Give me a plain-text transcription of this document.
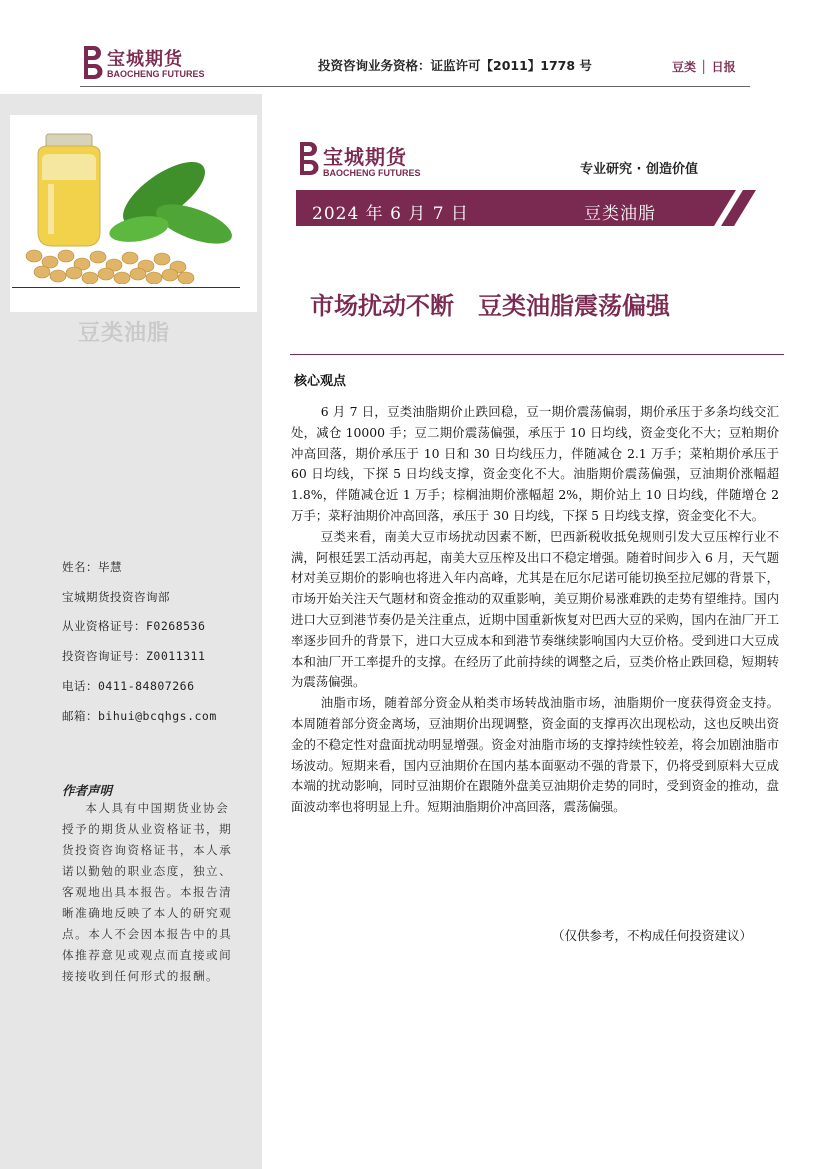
宝城期货
BAOCHENG FUTURES
投资咨询业务资格：证监许可【2011】1778 号	豆类 │ 日报
豆类油脂
姓名：毕慧
宝城期货投资咨询部
从业资格证号：F0268536
投资咨询证号：Z0011311
电话：0411-84807266
邮箱：bihui@bcqhgs.com
作者声明
本人具有中国期货业协会授予的期货从业资格证书，期货投资咨询资格证书，本人承诺以勤勉的职业态度，独立、客观地出具本报告。本报告清晰准确地反映了本人的研究观点。本人不会因本报告中的具体推荐意见或观点而直接或间接接收到任何形式的报酬。
宝城期货
BAOCHENG FUTURES	专业研究 · 创造价值
2024 年 6 月 7 日	豆类油脂
市场扰动不断　豆类油脂震荡偏强
核心观点

6 月 7 日，豆类油脂期价止跌回稳，豆一期价震荡偏弱，期价承压于多条均线交汇处，减仓 10000 手；豆二期价震荡偏强，承压于 10 日均线，资金变化不大；豆粕期价冲高回落，期价承压于 10 日和 30 日均线压力，伴随减仓 2.1 万手；菜粕期价承压于 60 日均线，下探 5 日均线支撑，资金变化不大。油脂期价震荡偏强，豆油期价涨幅超 1.8%，伴随减仓近 1 万手；棕榈油期价涨幅超 2%，期价站上 10 日均线，伴随增仓 2 万手；菜籽油期价冲高回落，承压于 30 日均线，下探 5 日均线支撑，资金变化不大。

豆类来看，南美大豆市场扰动因素不断，巴西新税收抵免规则引发大豆压榨行业不满，阿根廷罢工活动再起，南美大豆压榨及出口不稳定增强。随着时间步入 6 月，天气题材对美豆期价的影响也将进入年内高峰，尤其是在厄尔尼诺可能切换至拉尼娜的背景下，市场开始关注天气题材和资金推动的双重影响，美豆期价易涨难跌的走势有望维持。国内进口大豆到港节奏仍是关注重点，近期中国重新恢复对巴西大豆的采购，国内在油厂开工率逐步回升的背景下，进口大豆成本和到港节奏继续影响国内大豆价格。受到进口大豆成本和油厂开工率提升的支撑。在经历了此前持续的调整之后，豆类价格止跌回稳，短期转为震荡偏强。

油脂市场，随着部分资金从粕类市场转战油脂市场，油脂期价一度获得资金支持。本周随着部分资金离场，豆油期价出现调整，资金面的支撑再次出现松动，这也反映出资金的不稳定性对盘面扰动明显增强。资金对油脂市场的支撑持续性较差，将会加剧油脂市场波动。短期来看，国内豆油期价在国内基本面驱动不强的背景下，仍将受到原料大豆成本端的扰动影响，同时豆油期价在跟随外盘美豆油期价走势的同时，受到资金的推动，盘面波动率也将明显上升。短期油脂期价冲高回落，震荡偏强。

（仅供参考，不构成任何投资建议）
